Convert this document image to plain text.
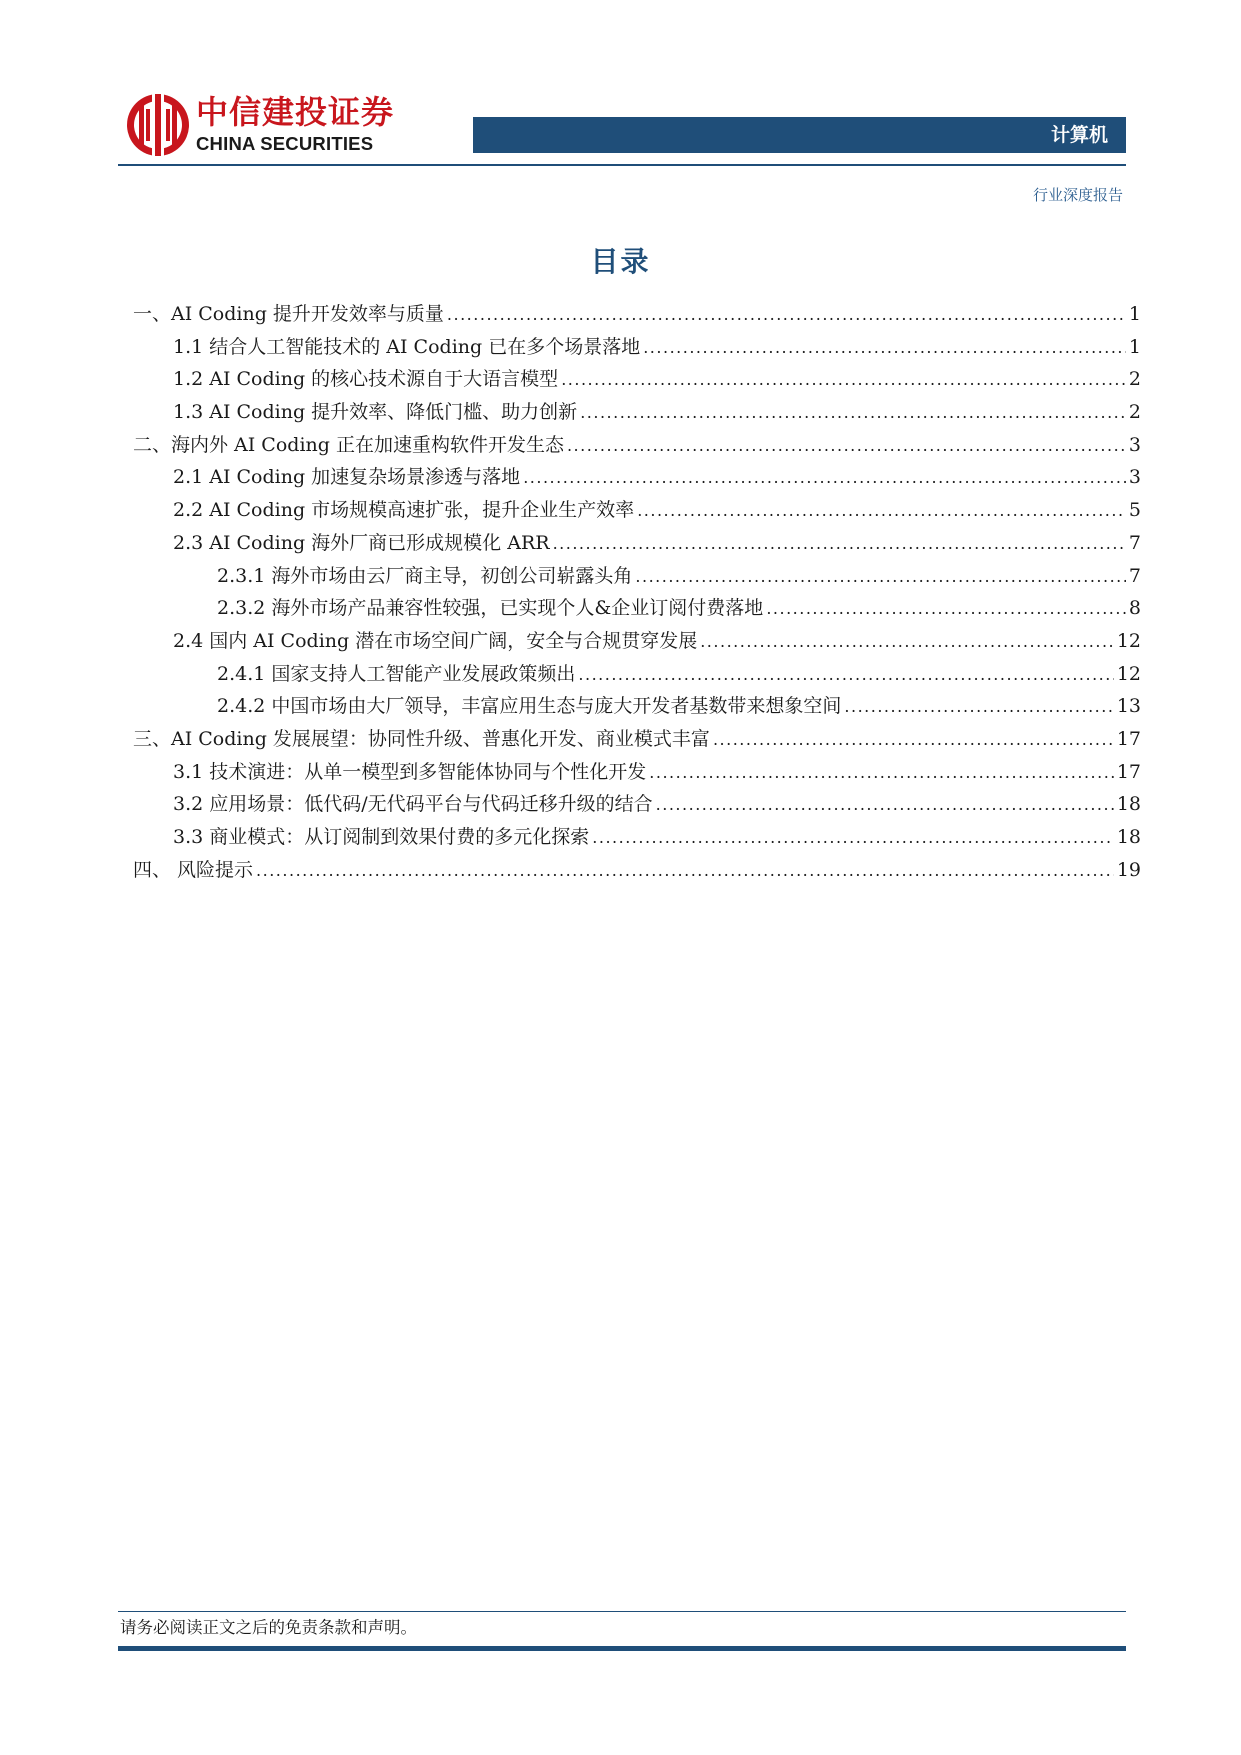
中信建投证券
CHINA SECURITIES	计算机
行业深度报告
目录
一、AI Coding 提升开发效率与质量 .....	1
1.1 结合人工智能技术的 AI Coding 已在多个场景落地 .....	1
1.2 AI Coding 的核心技术源自于大语言模型 .....	2
1.3 AI Coding 提升效率、降低门槛、助力创新 .....	2
二、海内外 AI Coding 正在加速重构软件开发生态 .....	3
2.1 AI Coding 加速复杂场景渗透与落地 .....	3
2.2 AI Coding 市场规模高速扩张，提升企业生产效率 .....	5
2.3 AI Coding 海外厂商已形成规模化 ARR .....	7
2.3.1 海外市场由云厂商主导，初创公司崭露头角 .....	7
2.3.2 海外市场产品兼容性较强，已实现个人&企业订阅付费落地 .....	8
2.4 国内 AI Coding 潜在市场空间广阔，安全与合规贯穿发展 .....	12
2.4.1 国家支持人工智能产业发展政策频出 .....	12
2.4.2 中国市场由大厂领导，丰富应用生态与庞大开发者基数带来想象空间 .....	13
三、AI Coding 发展展望：协同性升级、普惠化开发、商业模式丰富 .....	17
3.1 技术演进：从单一模型到多智能体协同与个性化开发 .....	17
3.2 应用场景：低代码/无代码平台与代码迁移升级的结合 .....	18
3.3 商业模式：从订阅制到效果付费的多元化探索 .....	18
四、 风险提示 .....	19
请务必阅读正文之后的免责条款和声明。
